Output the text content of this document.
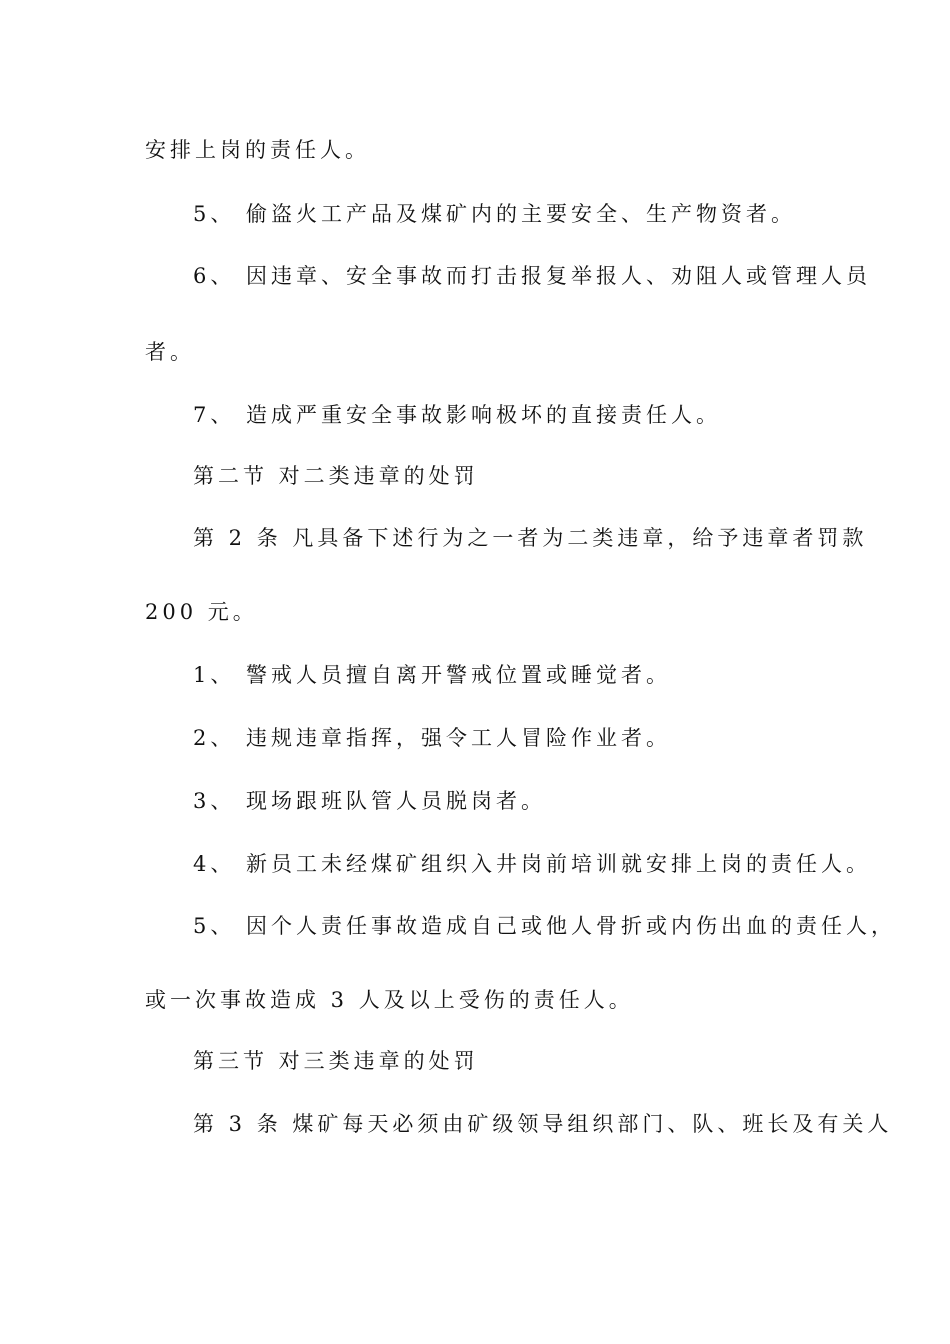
安排上岗的责任人。
5、 偷盗火工产品及煤矿内的主要安全、生产物资者。
6、 因违章、安全事故而打击报复举报人、劝阻人或管理人员
者。
7、 造成严重安全事故影响极坏的直接责任人。
第二节 对二类违章的处罚
第 2 条 凡具备下述行为之一者为二类违章，给予违章者罚款
200 元。
1、 警戒人员擅自离开警戒位置或睡觉者。
2、 违规违章指挥，强令工人冒险作业者。
3、 现场跟班队管人员脱岗者。
4、 新员工未经煤矿组织入井岗前培训就安排上岗的责任人。
5、 因个人责任事故造成自己或他人骨折或内伤出血的责任人，
或一次事故造成 3 人及以上受伤的责任人。
第三节 对三类违章的处罚
第 3 条 煤矿每天必须由矿级领导组织部门、队、班长及有关人
